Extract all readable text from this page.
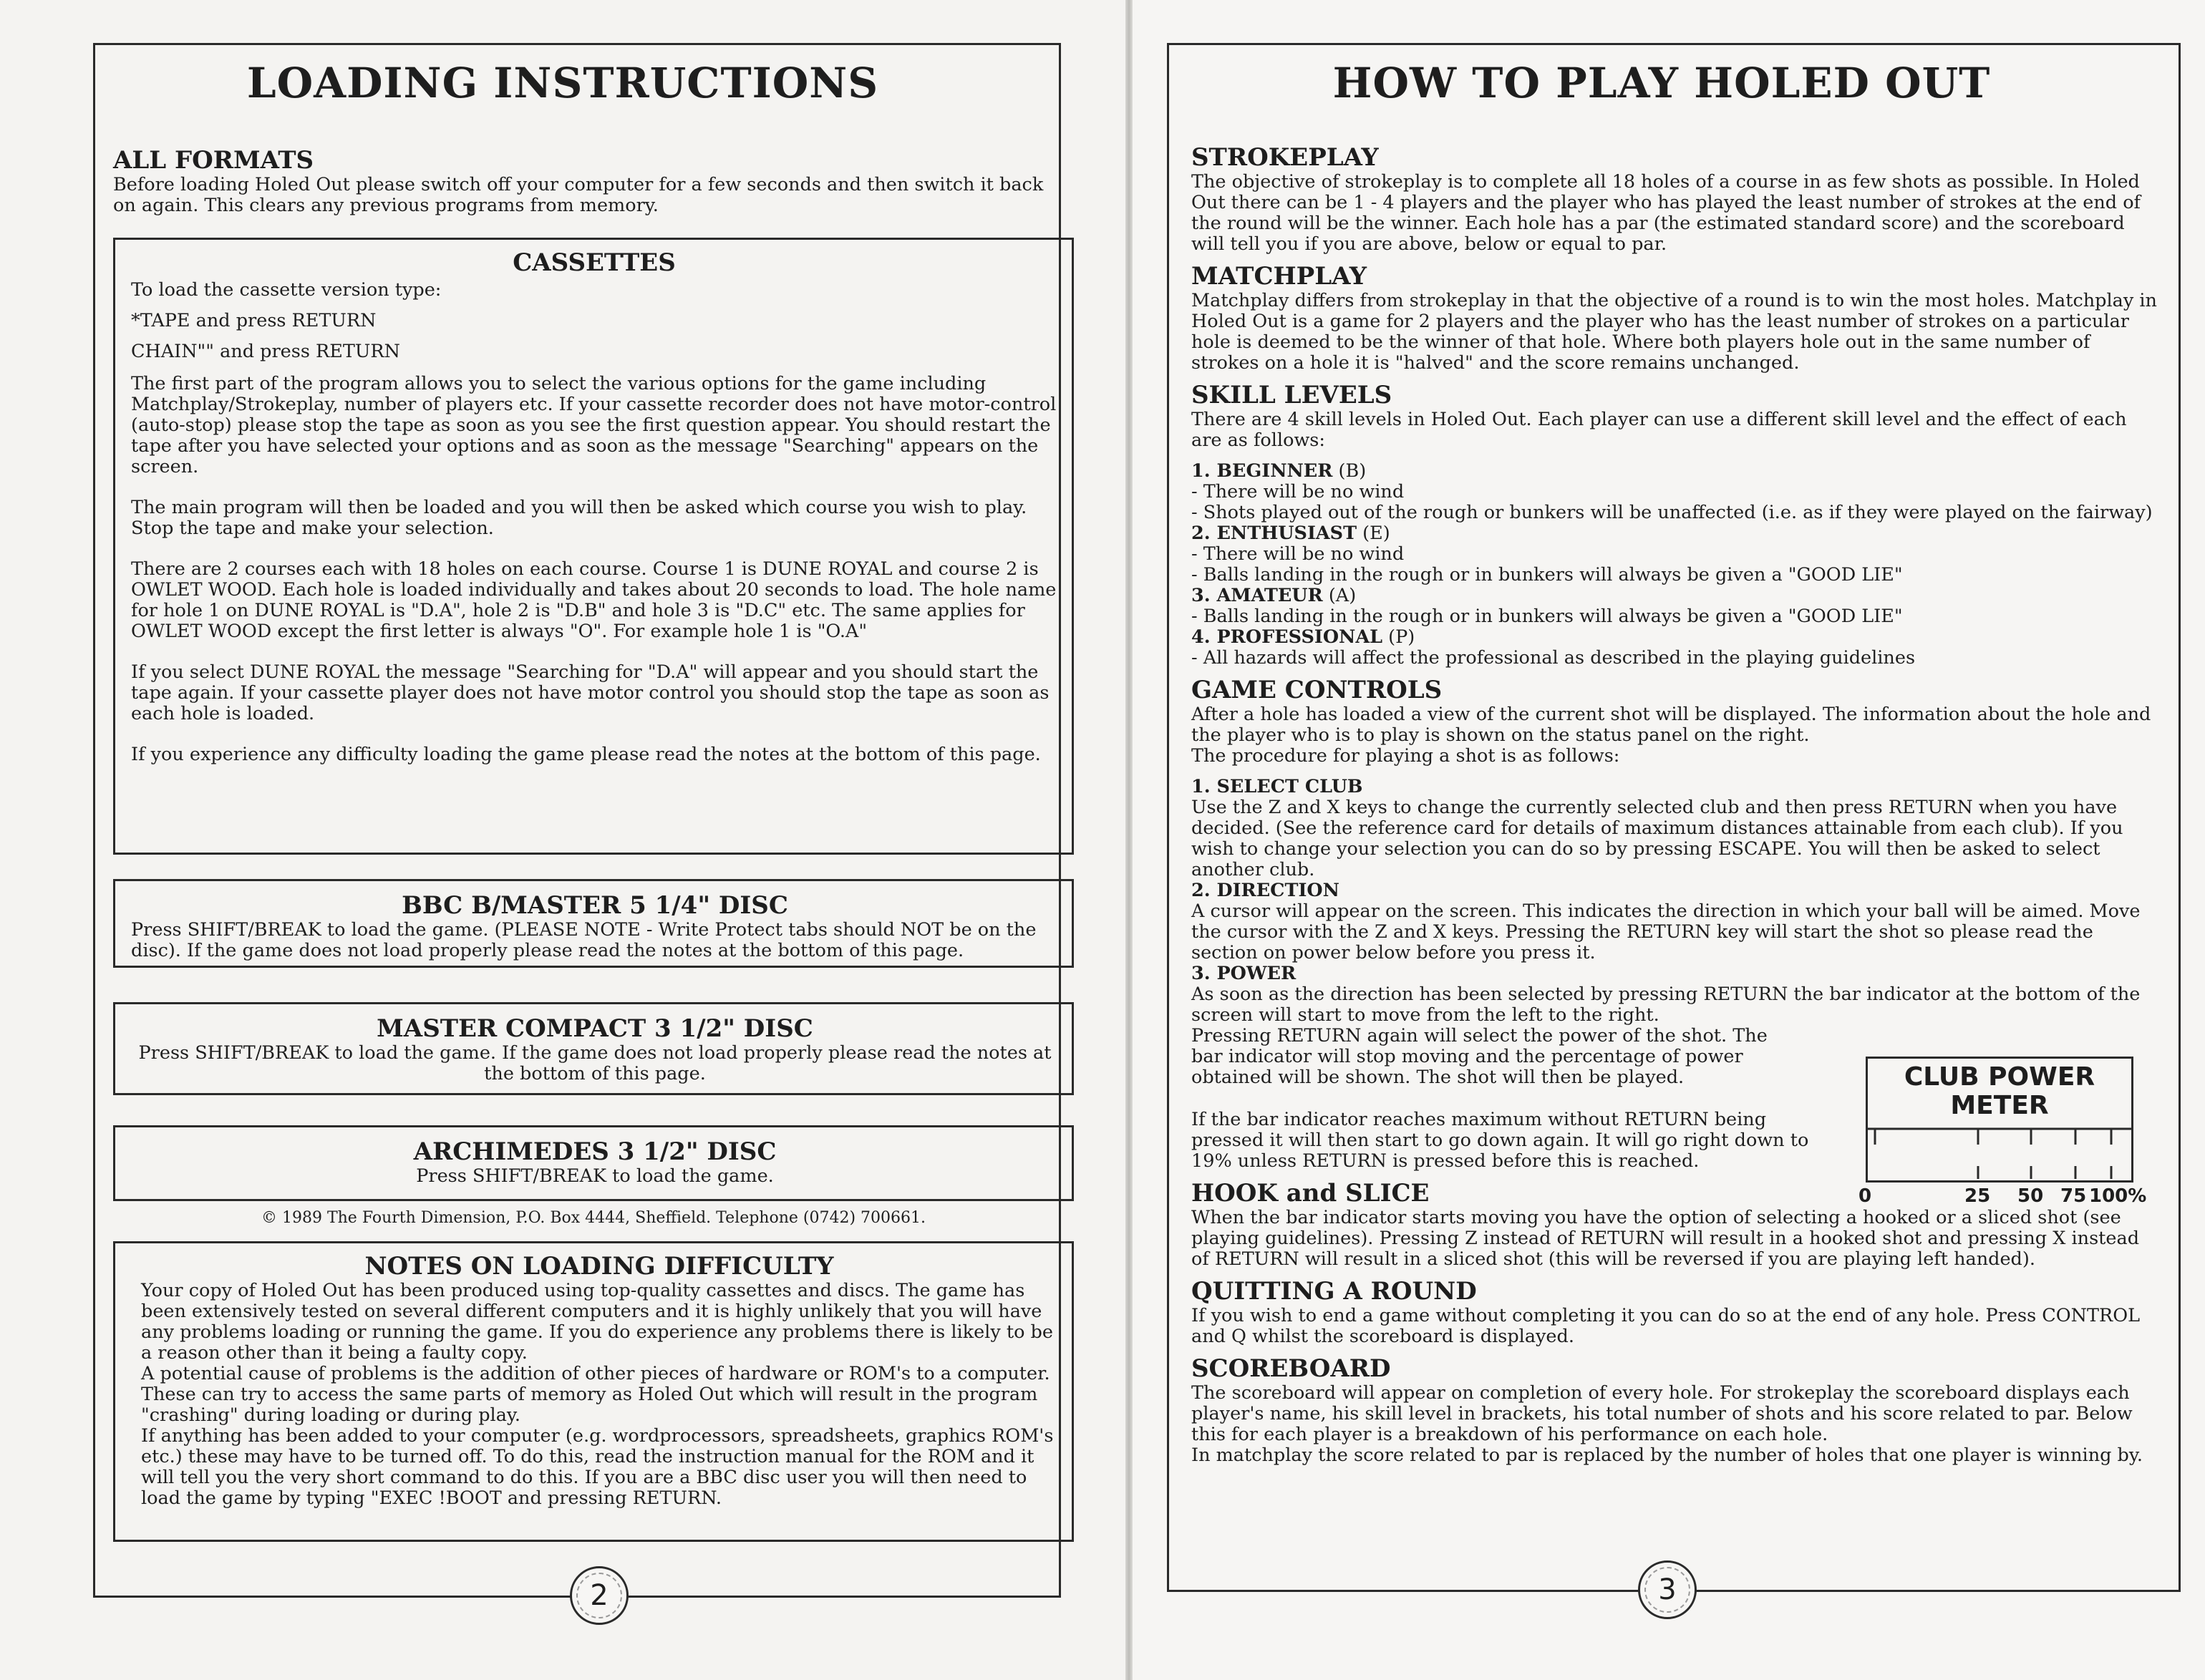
LOADING INSTRUCTIONS
ALL FORMATS

Before loading Holed Out please switch off your computer for a few seconds and then switch it back on again. This clears any previous programs from memory.

CASSETTES

To load the cassette version type:

*TAPE and press RETURN

CHAIN"" and press RETURN

The first part of the program allows you to select the various options for the game including Matchplay/Strokeplay, number of players etc. If your cassette recorder does not have motor-control (auto-stop) please stop the tape as soon as you see the first question appear. You should restart the tape after you have selected your options and as soon as the message "Searching" appears on the screen.

The main program will then be loaded and you will then be asked which course you wish to play. Stop the tape and make your selection.

There are 2 courses each with 18 holes on each course. Course 1 is DUNE ROYAL and course 2 is OWLET WOOD. Each hole is loaded individually and takes about 20 seconds to load. The hole name for hole 1 on DUNE ROYAL is "D.A", hole 2 is "D.B" and hole 3 is "D.C" etc. The same applies for OWLET WOOD except the first letter is always "O". For example hole 1 is "O.A"

If you select DUNE ROYAL the message "Searching for "D.A" will appear and you should start the tape again. If your cassette player does not have motor control you should stop the tape as soon as each hole is loaded.

If you experience any difficulty loading the game please read the notes at the bottom of this page.

BBC B/MASTER 5 1/4" DISC

Press SHIFT/BREAK to load the game. (PLEASE NOTE - Write Protect tabs should NOT be on the disc). If the game does not load properly please read the notes at the bottom of this page.

MASTER COMPACT 3 1/2" DISC

Press SHIFT/BREAK to load the game. If the game does not load properly please read the notes at the bottom of this page.

ARCHIMEDES 3 1/2" DISC

Press SHIFT/BREAK to load the game.

© 1989 The Fourth Dimension, P.O. Box 4444, Sheffield. Telephone (0742) 700661.
NOTES ON LOADING DIFFICULTY

Your copy of Holed Out has been produced using top-quality cassettes and discs. The game has been extensively tested on several different computers and it is highly unlikely that you will have any problems loading or running the game. If you do experience any problems there is likely to be a reason other than it being a faulty copy.

A potential cause of problems is the addition of other pieces of hardware or ROM's to a computer. These can try to access the same parts of memory as Holed Out which will result in the program "crashing" during loading or during play.

If anything has been added to your computer (e.g. wordprocessors, spreadsheets, graphics ROM's etc.) these may have to be turned off. To do this, read the instruction manual for the ROM and it will tell you the very short command to do this. If you are a BBC disc user you will then need to load the game by typing "EXEC !BOOT and pressing RETURN.

2
HOW TO PLAY HOLED OUT
STROKEPLAY

The objective of strokeplay is to complete all 18 holes of a course in as few shots as possible. In Holed Out there can be 1 - 4 players and the player who has played the least number of strokes at the end of the round will be the winner. Each hole has a par (the estimated standard score) and the scoreboard will tell you if you are above, below or equal to par.

MATCHPLAY

Matchplay differs from strokeplay in that the objective of a round is to win the most holes. Matchplay in Holed Out is a game for 2 players and the player who has the least number of strokes on a particular hole is deemed to be the winner of that hole. Where both players hole out in the same number of strokes on a hole it is "halved" and the score remains unchanged.

SKILL LEVELS

There are 4 skill levels in Holed Out. Each player can use a different skill level and the effect of each are as follows:

1. BEGINNER (B)

- There will be no wind

- Shots played out of the rough or bunkers will be unaffected (i.e. as if they were played on the fairway)

2. ENTHUSIAST (E)

- There will be no wind

- Balls landing in the rough or in bunkers will always be given a "GOOD LIE"

3. AMATEUR (A)

- Balls landing in the rough or in bunkers will always be given a "GOOD LIE"

4. PROFESSIONAL (P)

- All hazards will affect the professional as described in the playing guidelines

GAME CONTROLS

After a hole has loaded a view of the current shot will be displayed. The information about the hole and the player who is to play is shown on the status panel on the right.

The procedure for playing a shot is as follows:

1. SELECT CLUB

Use the Z and X keys to change the currently selected club and then press RETURN when you have decided. (See the reference card for details of maximum distances attainable from each club). If you wish to change your selection you can do so by pressing ESCAPE. You will then be asked to select another club.

2. DIRECTION

A cursor will appear on the screen. This indicates the direction in which your ball will be aimed. Move the cursor with the Z and X keys. Pressing the RETURN key will start the shot so please read the section on power below before you press it.

3. POWER

As soon as the direction has been selected by pressing RETURN the bar indicator at the bottom of the screen will start to move from the left to the right.

Pressing RETURN again will select the power of the shot. The bar indicator will stop moving and the percentage of power obtained will be shown. The shot will then be played.

If the bar indicator reaches maximum without RETURN being pressed it will then start to go down again. It will go right down to 19% unless RETURN is pressed before this is reached.

HOOK and SLICE

When the bar indicator starts moving you have the option of selecting a hooked or a sliced shot (see playing guidelines). Pressing Z instead of RETURN will result in a hooked shot and pressing X instead of RETURN will result in a sliced shot (this will be reversed if you are playing left handed).

QUITTING A ROUND

If you wish to end a game without completing it you can do so at the end of any hole. Press CONTROL and Q whilst the scoreboard is displayed.

SCOREBOARD

The scoreboard will appear on completion of every hole. For strokeplay the scoreboard displays each player's name, his skill level in brackets, his total number of shots and his score related to par. Below this for each player is a breakdown of his performance on each hole.

In matchplay the score related to par is replaced by the number of holes that one player is winning by.

CLUB POWER
METER
0	25 50 75 100%
3
